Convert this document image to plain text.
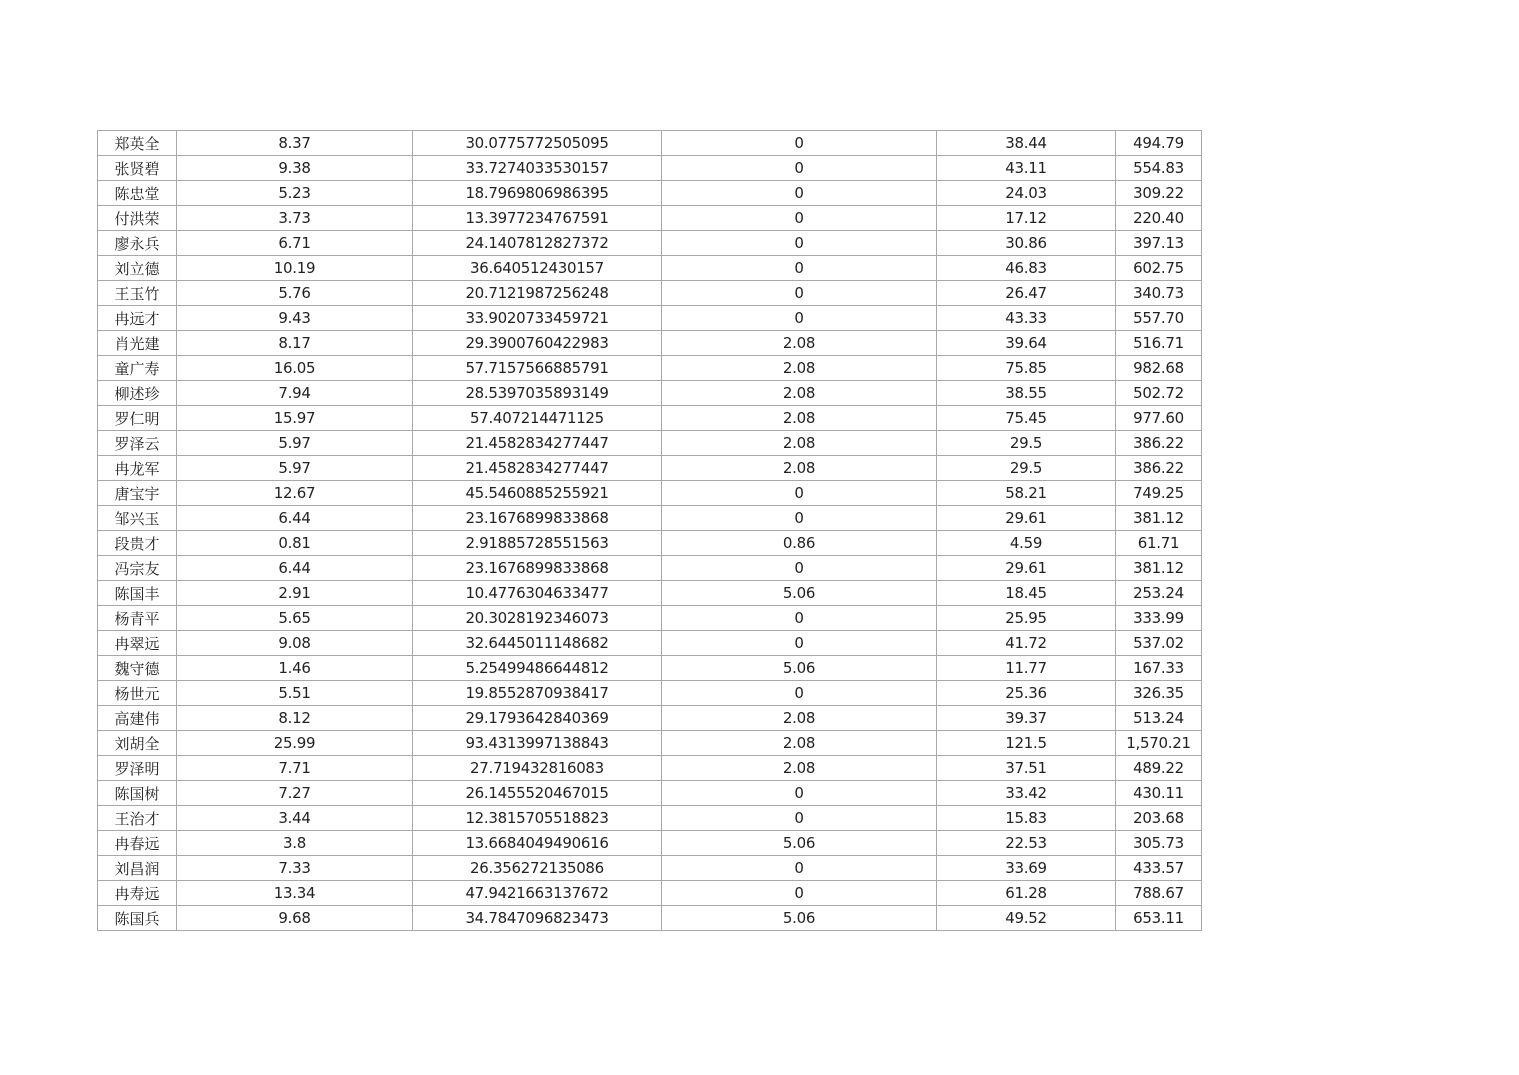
郑英全	8.37	30.0775772505095	0	38.44	494.79
张贤碧	9.38	33.7274033530157	0	43.11	554.83
陈忠堂	5.23	18.7969806986395	0	24.03	309.22
付洪荣	3.73	13.3977234767591	0	17.12	220.40
廖永兵	6.71	24.1407812827372	0	30.86	397.13
刘立德	10.19	36.640512430157	0	46.83	602.75
王玉竹	5.76	20.7121987256248	0	26.47	340.73
冉远才	9.43	33.9020733459721	0	43.33	557.70
肖光建	8.17	29.3900760422983	2.08	39.64	516.71
童广寿	16.05	57.7157566885791	2.08	75.85	982.68
柳述珍	7.94	28.5397035893149	2.08	38.55	502.72
罗仁明	15.97	57.407214471125	2.08	75.45	977.60
罗泽云	5.97	21.4582834277447	2.08	29.5	386.22
冉龙军	5.97	21.4582834277447	2.08	29.5	386.22
唐宝宇	12.67	45.5460885255921	0	58.21	749.25
邹兴玉	6.44	23.1676899833868	0	29.61	381.12
段贵才	0.81	2.91885728551563	0.86	4.59	61.71
冯宗友	6.44	23.1676899833868	0	29.61	381.12
陈国丰	2.91	10.4776304633477	5.06	18.45	253.24
杨青平	5.65	20.3028192346073	0	25.95	333.99
冉翠远	9.08	32.6445011148682	0	41.72	537.02
魏守德	1.46	5.25499486644812	5.06	11.77	167.33
杨世元	5.51	19.8552870938417	0	25.36	326.35
高建伟	8.12	29.1793642840369	2.08	39.37	513.24
刘胡全	25.99	93.4313997138843	2.08	121.5	1,570.21
罗泽明	7.71	27.719432816083	2.08	37.51	489.22
陈国树	7.27	26.1455520467015	0	33.42	430.11
王治才	3.44	12.3815705518823	0	15.83	203.68
冉春远	3.8	13.6684049490616	5.06	22.53	305.73
刘昌润	7.33	26.356272135086	0	33.69	433.57
冉寿远	13.34	47.9421663137672	0	61.28	788.67
陈国兵	9.68	34.7847096823473	5.06	49.52	653.11
